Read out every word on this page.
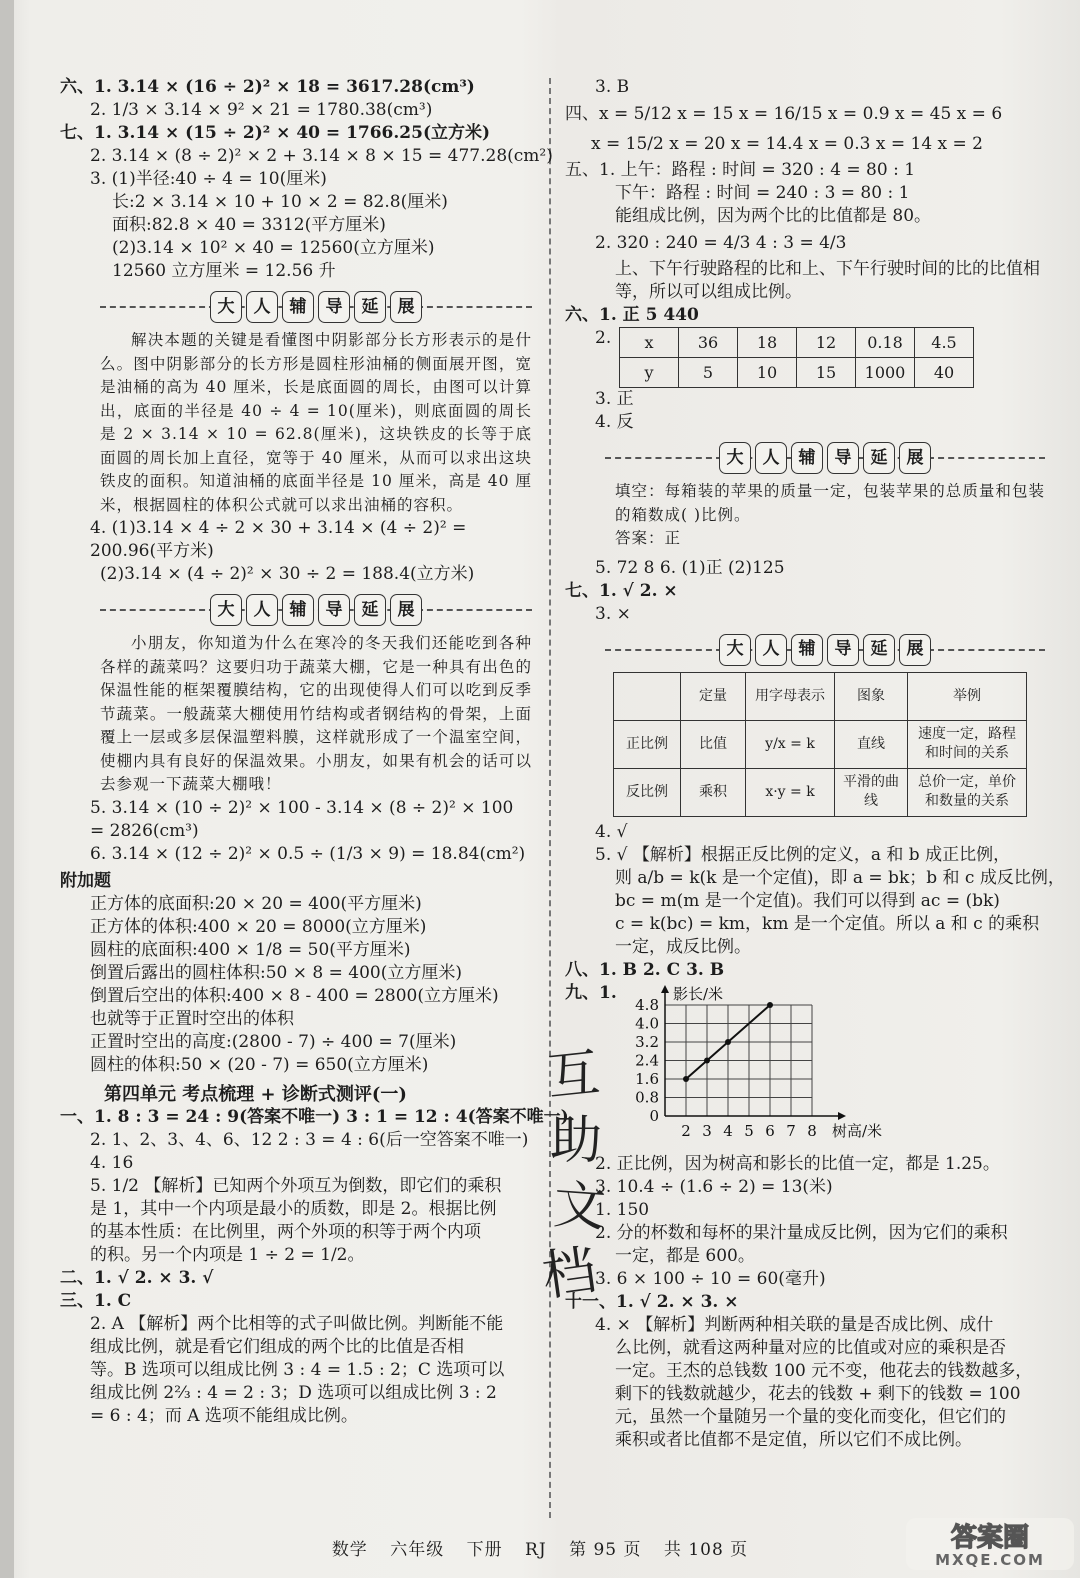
六、1. 3.14 × (16 ÷ 2)² × 18 = 3617.28(cm³)

2. 1/3 × 3.14 × 9² × 21 = 1780.38(cm³)

七、1. 3.14 × (15 ÷ 2)² × 40 = 1766.25(立方米)

2. 3.14 × (8 ÷ 2)² × 2 + 3.14 × 8 × 15 = 477.28(cm²)

3. (1)半径:40 ÷ 4 = 10(厘米)

长:2 × 3.14 × 10 + 10 × 2 = 82.8(厘米)

面积:82.8 × 40 = 3312(平方厘米)

(2)3.14 × 10² × 40 = 12560(立方厘米)

12560 立方厘米 = 12.56 升

大	人	辅	导	延	展

解决本题的关键是看懂图中阴影部分长方形表示的是什么。图中阴影部分的长方形是圆柱形油桶的侧面展开图，宽是油桶的高为 40 厘米，长是底面圆的周长，由图可以计算出，底面的半径是 40 ÷ 4 = 10(厘米)，则底面圆的周长是 2 × 3.14 × 10 = 62.8(厘米)，这块铁皮的长等于底面圆的周长加上直径，宽等于 40 厘米，从而可以求出这块铁皮的面积。知道油桶的底面半径是 10 厘米，高是 40 厘米，根据圆柱的体积公式就可以求出油桶的容积。

4. (1)3.14 × 4 ÷ 2 × 30 + 3.14 × (4 ÷ 2)² = 200.96(平方米)

(2)3.14 × (4 ÷ 2)² × 30 ÷ 2 = 188.4(立方米)

大	人	辅	导	延	展

小朋友，你知道为什么在寒冷的冬天我们还能吃到各种各样的蔬菜吗？这要归功于蔬菜大棚，它是一种具有出色的保温性能的框架覆膜结构，它的出现使得人们可以吃到反季节蔬菜。一般蔬菜大棚使用竹结构或者钢结构的骨架，上面覆上一层或多层保温塑料膜，这样就形成了一个温室空间，使棚内具有良好的保温效果。小朋友，如果有机会的话可以去参观一下蔬菜大棚哦！

5. 3.14 × (10 ÷ 2)² × 100 - 3.14 × (8 ÷ 2)² × 100 = 2826(cm³)

6. 3.14 × (12 ÷ 2)² × 0.5 ÷ (1/3 × 9) = 18.84(cm²)

附加题

正方体的底面积:20 × 20 = 400(平方厘米)

正方体的体积:400 × 20 = 8000(立方厘米)

圆柱的底面积:400 × 1/8 = 50(平方厘米)

倒置后露出的圆柱体积:50 × 8 = 400(立方厘米)

倒置后空出的体积:400 × 8 - 400 = 2800(立方厘米)

也就等于正置时空出的体积

正置时空出的高度:(2800 - 7) ÷ 400 = 7(厘米)

圆柱的体积:50 × (20 - 7) = 650(立方厘米)

第四单元 考点梳理 + 诊断式测评(一)

一、1. 8 : 3 = 24 : 9(答案不唯一) 3 : 1 = 12 : 4(答案不唯一)

2. 1、2、3、4、6、12 2 : 3 = 4 : 6(后一空答案不唯一)

4. 16

5. 1/2 【解析】已知两个外项互为倒数，即它们的乘积

是 1，其中一个内项是最小的质数，即是 2。根据比例

的基本性质：在比例里，两个外项的积等于两个内项

的积。另一个内项是 1 ÷ 2 = 1/2。

二、1. √ 2. × 3. √

三、1. C

2. A 【解析】两个比相等的式子叫做比例。判断能不能

组成比例，就是看它们组成的两个比的比值是否相

等。B 选项可以组成比例 3 : 4 = 1.5 : 2；C 选项可以

组成比例 2⅔ : 4 = 2 : 3；D 选项可以组成比例 3 : 2

= 6 : 4；而 A 选项不能组成比例。

3. B

四、x = 5/12 x = 15 x = 16/15 x = 0.9 x = 45 x = 6

x = 15/2 x = 20 x = 14.4 x = 0.3 x = 14 x = 2

五、1. 上午：路程 : 时间 = 320 : 4 = 80 : 1

下午：路程 : 时间 = 240 : 3 = 80 : 1

能组成比例，因为两个比的比值都是 80。

2. 320 : 240 = 4/3 4 : 3 = 4/3

上、下午行驶路程的比和上、下午行驶时间的比的比值相等，所以可以组成比例。

六、1. 正 5 440

2. x	36	18	12	0.18	4.5
y	5	10	15	1000	40

3. 正

4. 反

大	人	辅	导	延	展

填空：每箱装的苹果的质量一定，包装苹果的总质量和包装的箱数成( )比例。

答案：正

5. 72 8 6. (1)正 (2)125

七、1. √ 2. ×

3. ×

大	人	辅	导	延	展
	定量	用字母表示	图象	举例
正比例	比值	y/x = k	直线	速度一定，路程和时间的关系
反比例	乘积	x·y = k	平滑的曲线	总价一定，单价和数量的关系

4. √

5. √ 【解析】根据正反比例的定义，a 和 b 成正比例，

则 a/b = k(k 是一个定值)，即 a = bk；b 和 c 成反比例，

bc = m(m 是一个定值)。我们可以得到 ac = (bk)

c = k(bc) = km，km 是一个定值。所以 a 和 c 的乘积

一定，成反比例。

八、1. B 2. C 3. B

九、1.

0.8
1.6
2.4
3.2
4.0
4.8
0
2 3 4 5 6 7 8 树高/米
影长/米

2. 正比例，因为树高和影长的比值一定，都是 1.25。

3. 10.4 ÷ (1.6 ÷ 2) = 13(米)

1. 150

2. 分的杯数和每杯的果汁量成反比例，因为它们的乘积

一定，都是 600。

3. 6 × 100 ÷ 10 = 60(毫升)

十一、1. √ 2. × 3. ×

4. × 【解析】判断两种相关联的量是否成比例、成什

么比例，就看这两种量对应的比值或对应的乘积是否

一定。王杰的总钱数 100 元不变，他花去的钱数越多，

剩下的钱数就越少，花去的钱数 + 剩下的钱数 = 100

元，虽然一个量随另一个量的变化而变化，但它们的

乘积或者比值都不是定值，所以它们不成比例。

互
助
文
档
数学 六年级 下册 RJ 第 95 页 共 108 页	答案圈
MXQE.COM
